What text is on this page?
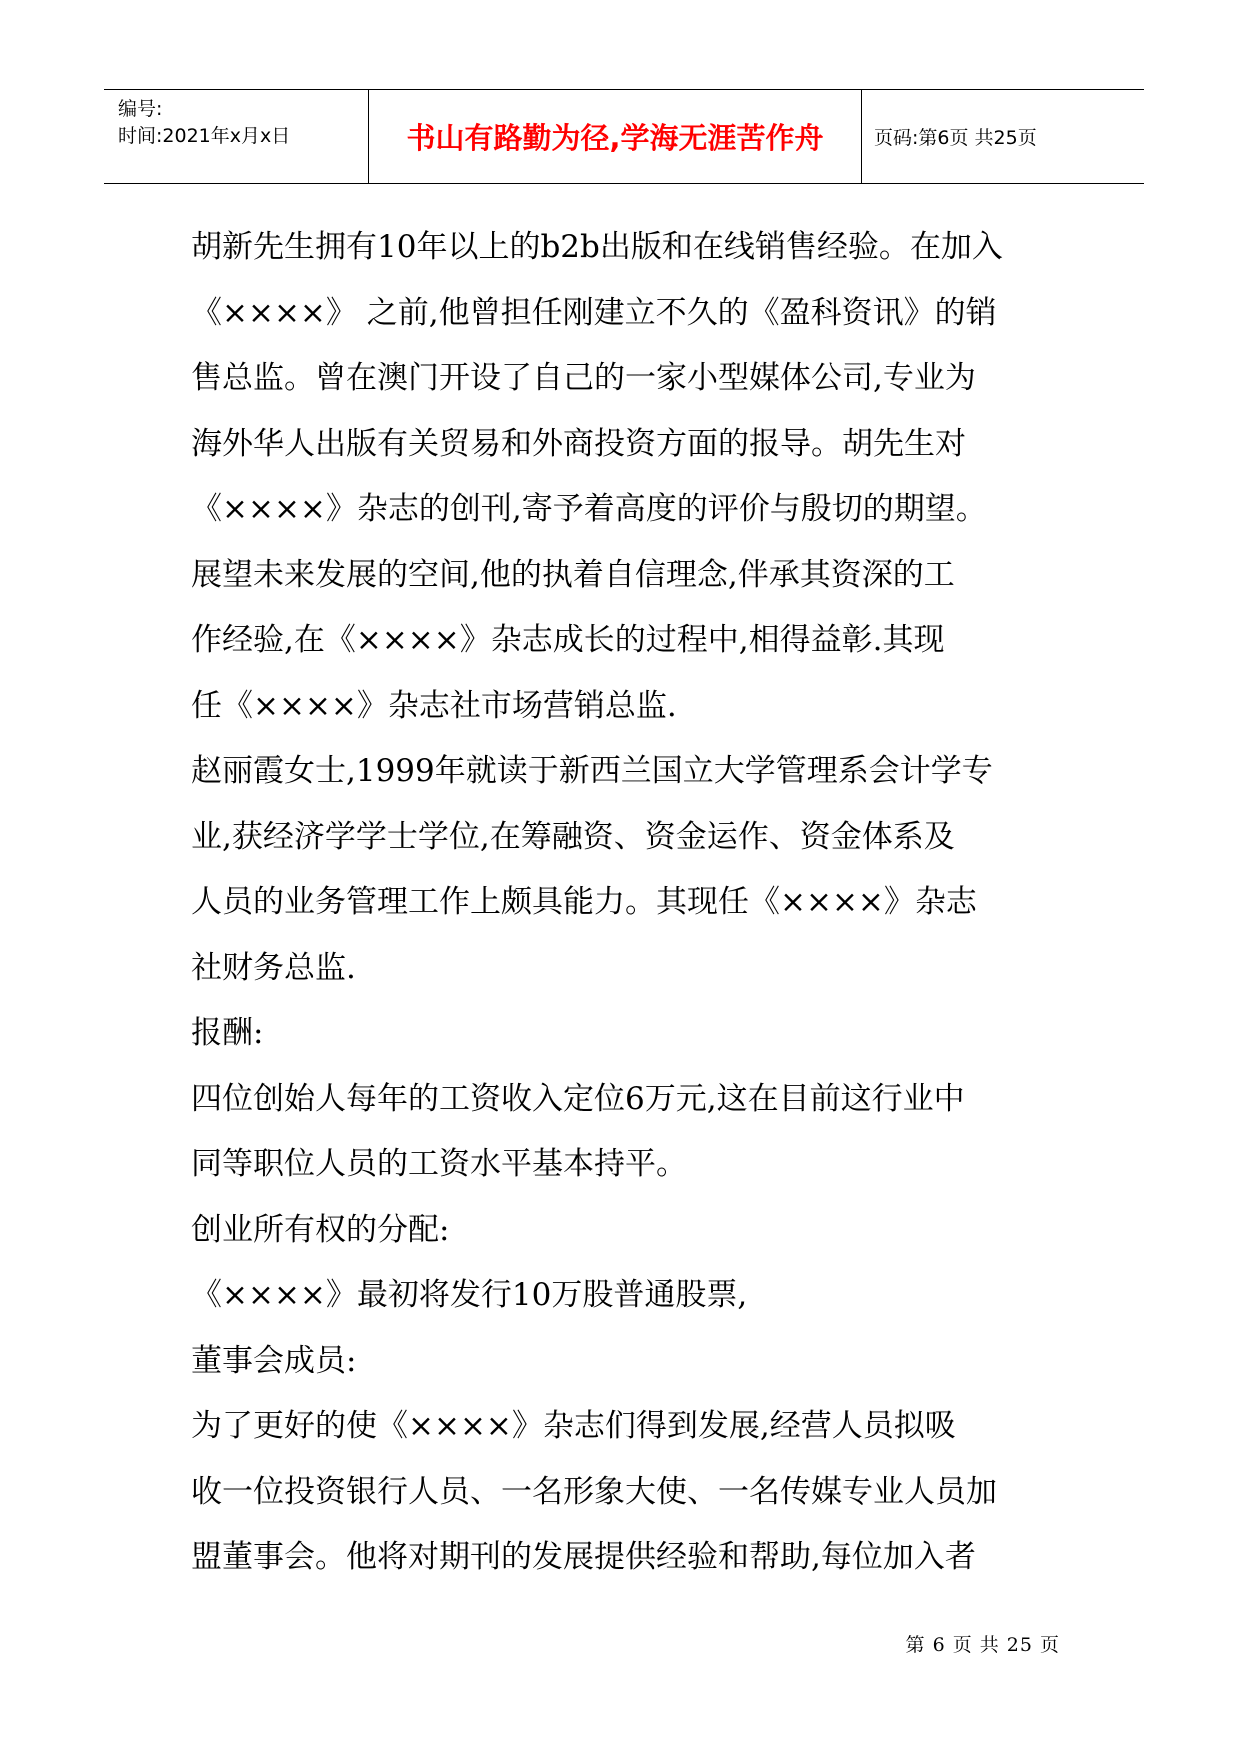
编号:
时间:2021年x月x日	书山有路勤为径,学海无涯苦作舟	页码:第6页 共25页
胡新先生拥有10年以上的b2b出版和在线销售经验。在加入
《××××》 之前,他曾担任刚建立不久的《盈科资讯》的销
售总监。曾在澳门开设了自己的一家小型媒体公司,专业为
海外华人出版有关贸易和外商投资方面的报导。胡先生对
《××××》杂志的创刊,寄予着高度的评价与殷切的期望。
展望未来发展的空间,他的执着自信理念,伴承其资深的工
作经验,在《××××》杂志成长的过程中,相得益彰.其现
任《××××》杂志社市场营销总监.
赵丽霞女士,1999年就读于新西兰国立大学管理系会计学专
业,获经济学学士学位,在筹融资、资金运作、资金体系及
人员的业务管理工作上颇具能力。其现任《××××》杂志
社财务总监.
报酬:
四位创始人每年的工资收入定位6万元,这在目前这行业中
同等职位人员的工资水平基本持平。
创业所有权的分配:
《××××》最初将发行10万股普通股票,
董事会成员:
为了更好的使《××××》杂志们得到发展,经营人员拟吸
收一位投资银行人员、一名形象大使、一名传媒专业人员加
盟董事会。他将对期刊的发展提供经验和帮助,每位加入者
第 6 页 共 25 页
